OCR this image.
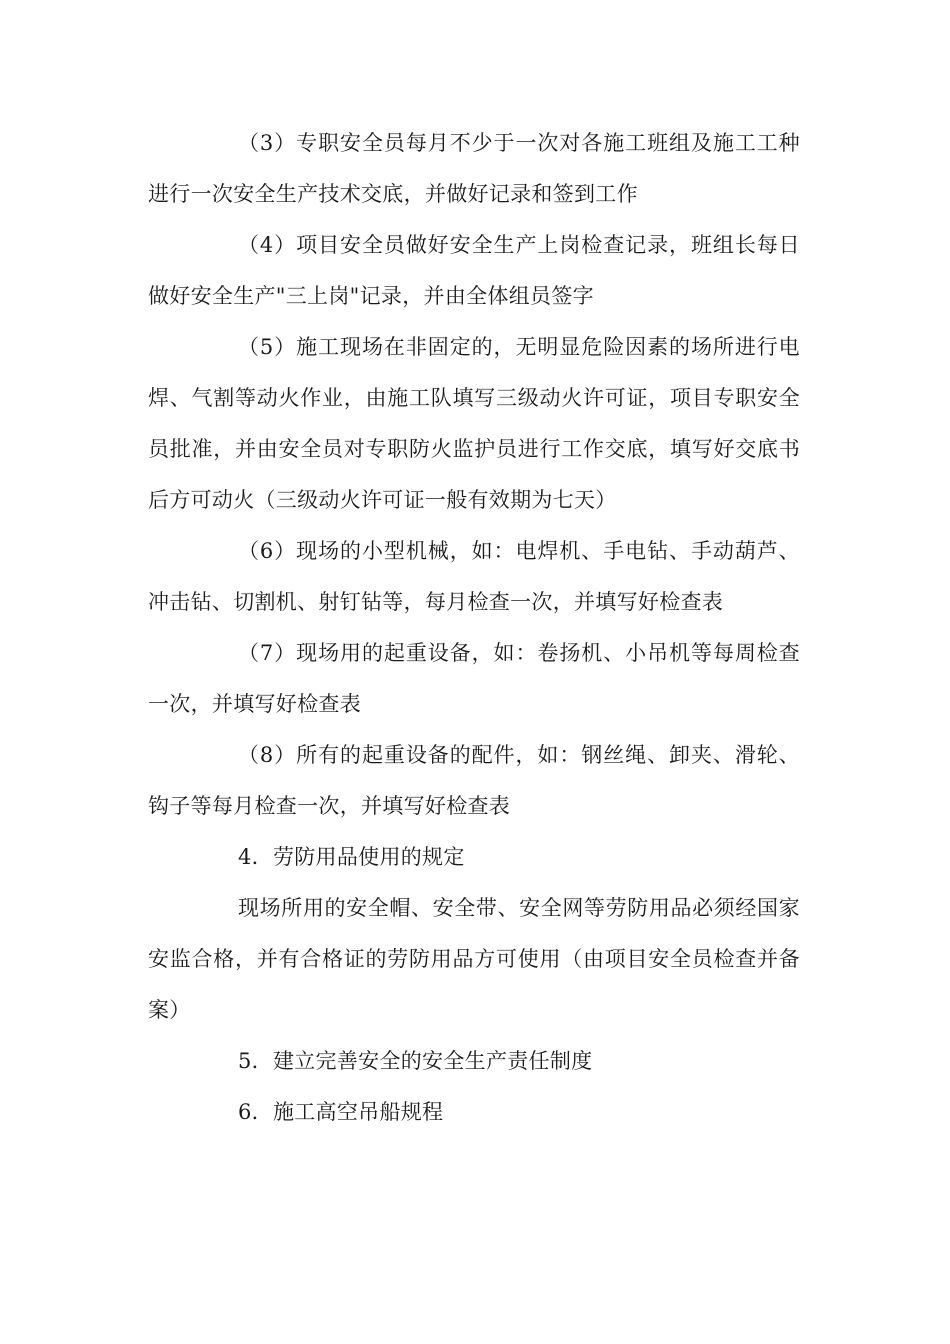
（3）专职安全员每月不少于一次对各施工班组及施工工种进行一次安全生产技术交底，并做好记录和签到工作

（4）项目安全员做好安全生产上岗检查记录，班组长每日做好安全生产"三上岗"记录，并由全体组员签字

（5）施工现场在非固定的，无明显危险因素的场所进行电焊、气割等动火作业，由施工队填写三级动火许可证，项目专职安全员批准，并由安全员对专职防火监护员进行工作交底，填写好交底书后方可动火（三级动火许可证一般有效期为七天）

（6）现场的小型机械，如：电焊机、手电钻、手动葫芦、冲击钻、切割机、射钉钻等，每月检查一次，并填写好检查表

（7）现场用的起重设备，如：卷扬机、小吊机等每周检查一次，并填写好检查表

（8）所有的起重设备的配件，如：钢丝绳、卸夹、滑轮、钩子等每月检查一次，并填写好检查表

4．劳防用品使用的规定

现场所用的安全帽、安全带、安全网等劳防用品必须经国家安监合格，并有合格证的劳防用品方可使用（由项目安全员检查并备案）

5．建立完善安全的安全生产责任制度

6．施工高空吊船规程
